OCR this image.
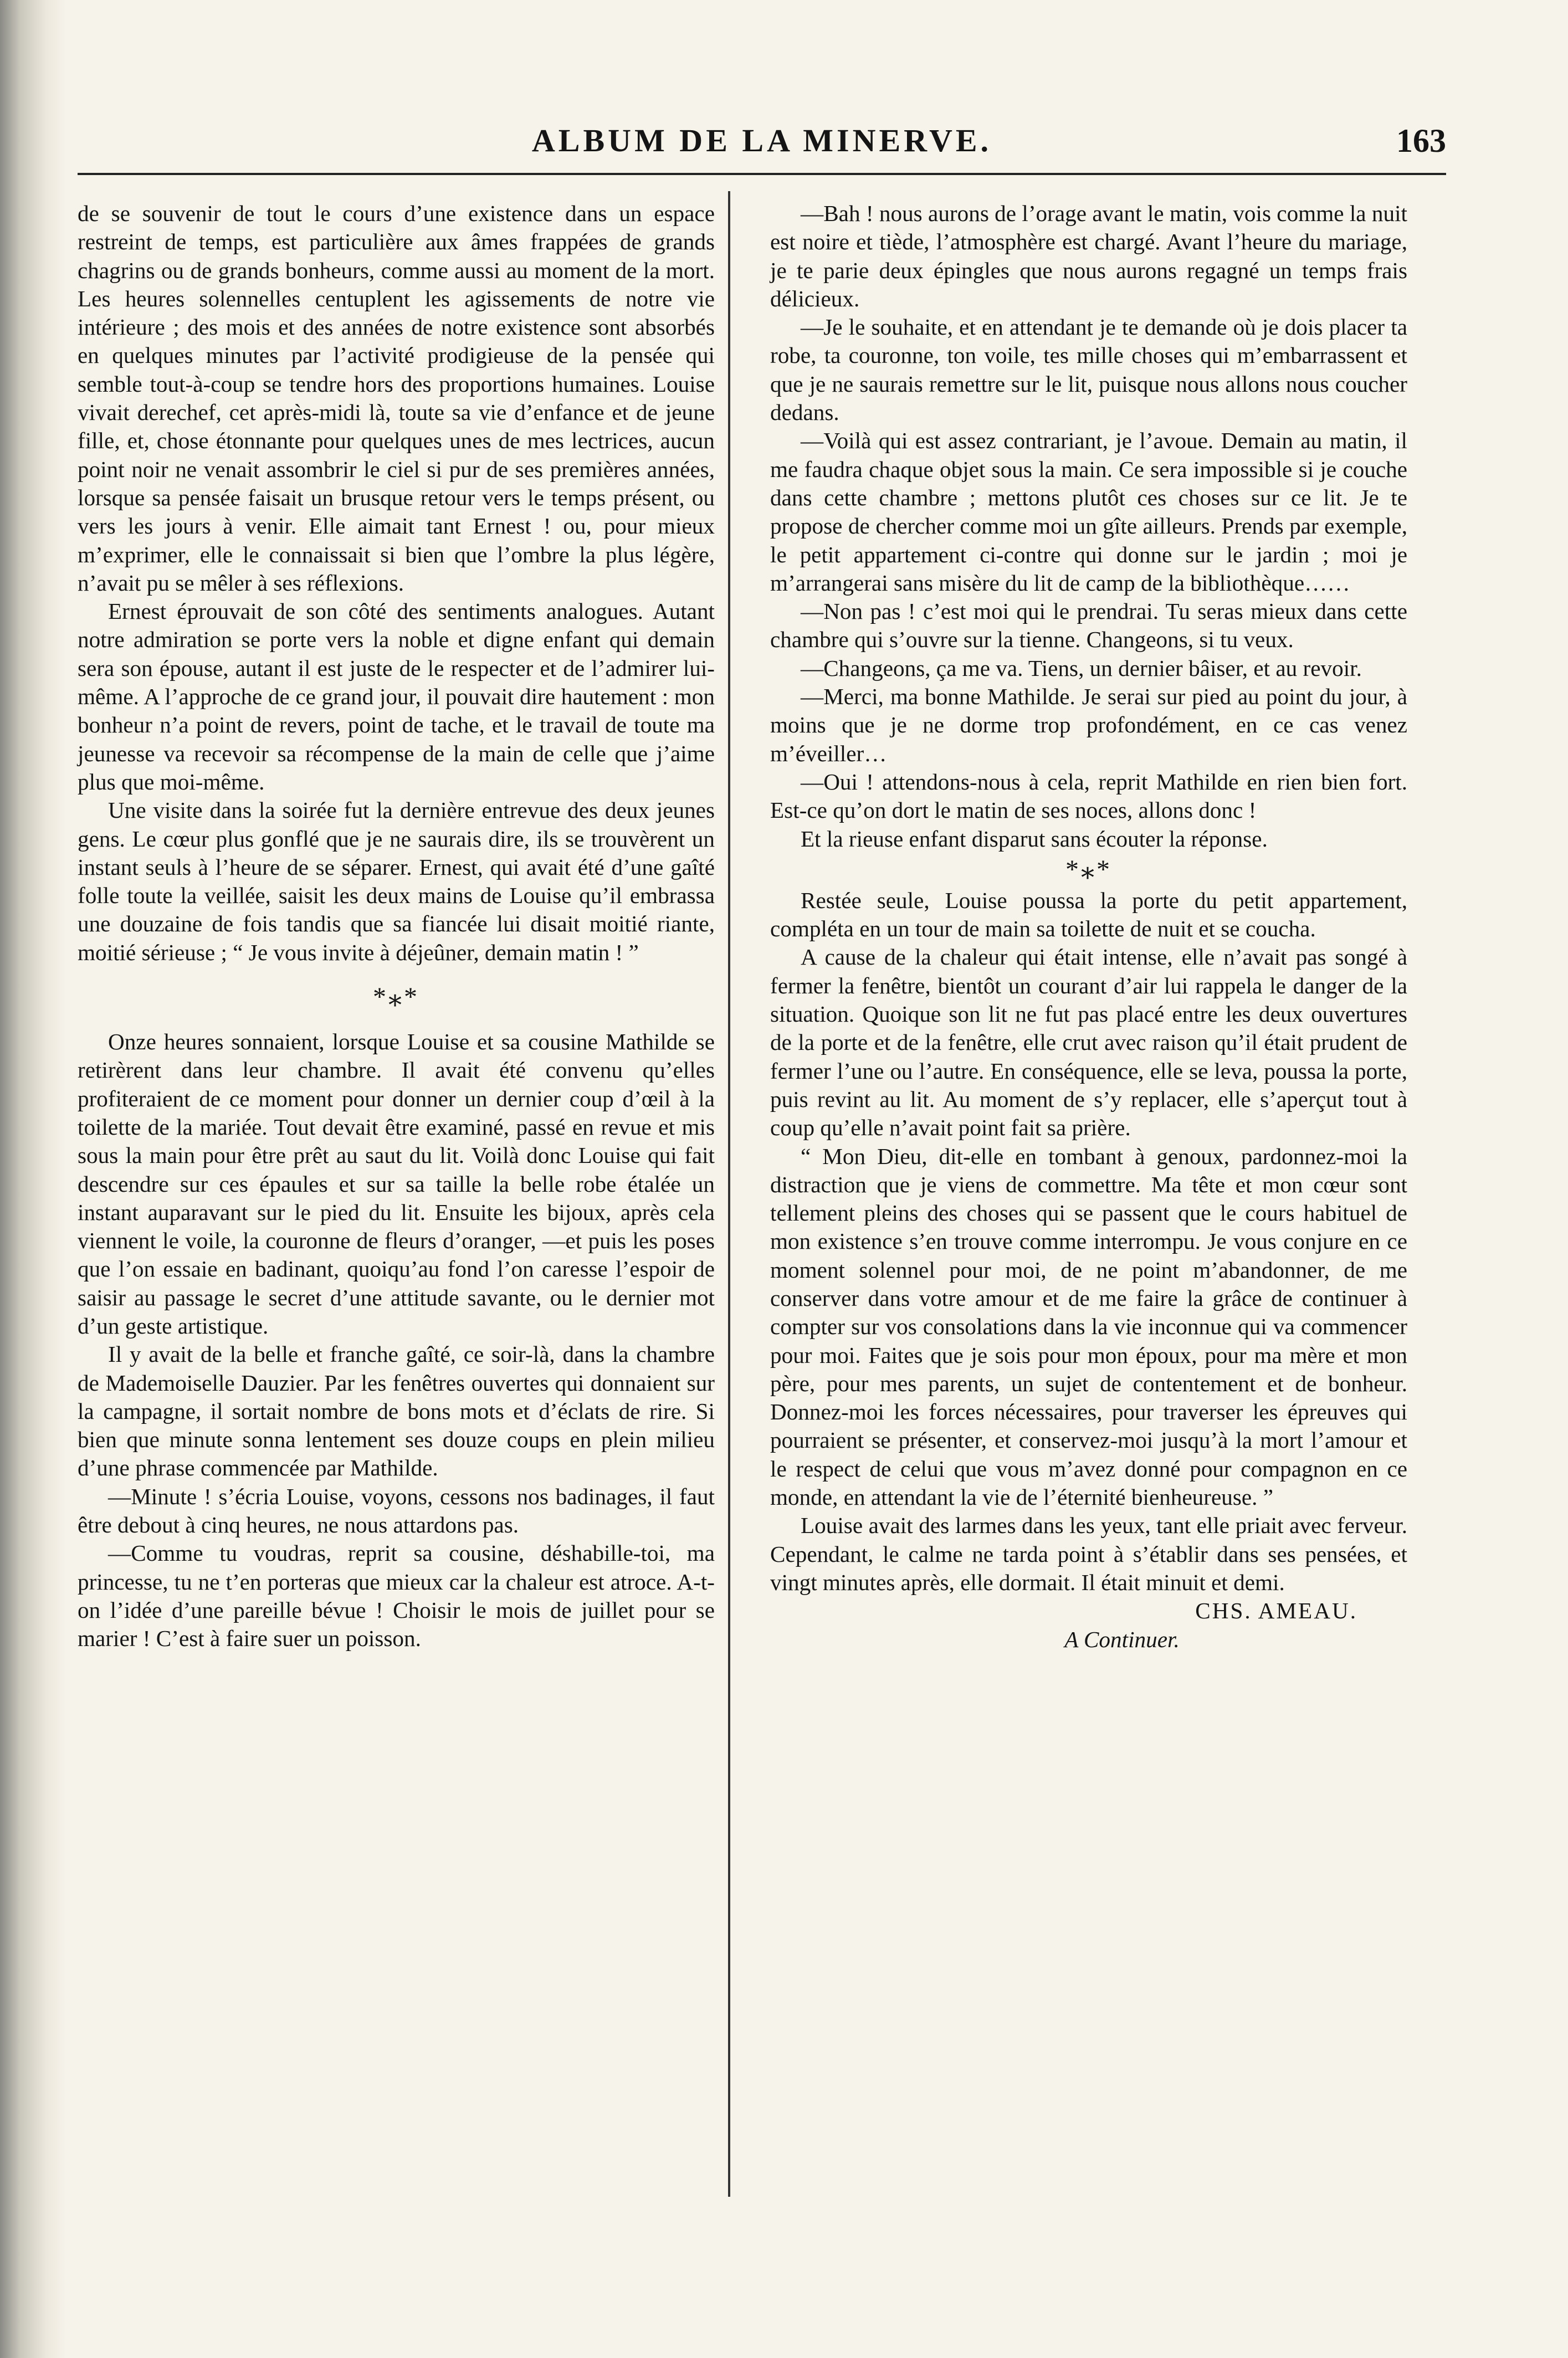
ALBUM DE LA MINERVE.	163

de se souvenir de tout le cours d’une existence dans un espace restreint de temps, est particulière aux âmes frappées de grands chagrins ou de grands bonheurs, comme aussi au moment de la mort. Les heures solennelles centuplent les agissements de notre vie intérieure ; des mois et des années de notre existence sont absorbés en quelques minutes par l’activité prodigieuse de la pensée qui semble tout-à-coup se tendre hors des proportions humaines. Louise vivait derechef, cet après-midi là, toute sa vie d’enfance et de jeune fille, et, chose étonnante pour quelques unes de mes lectrices, aucun point noir ne venait assombrir le ciel si pur de ses premières années, lorsque sa pensée faisait un brusque retour vers le temps présent, ou vers les jours à venir. Elle aimait tant Ernest ! ou, pour mieux m’exprimer, elle le connaissait si bien que l’ombre la plus légère, n’avait pu se mêler à ses réflexions.

Ernest éprouvait de son côté des sentiments analogues. Autant notre admiration se porte vers la noble et digne enfant qui demain sera son épouse, autant il est juste de le respecter et de l’admirer lui-même. A l’approche de ce grand jour, il pouvait dire hautement : mon bonheur n’a point de revers, point de tache, et le travail de toute ma jeunesse va recevoir sa récompense de la main de celle que j’aime plus que moi-même.

Une visite dans la soirée fut la dernière entrevue des deux jeunes gens. Le cœur plus gonflé que je ne saurais dire, ils se trouvèrent un instant seuls à l’heure de se séparer. Ernest, qui avait été d’une gaîté folle toute la veillée, saisit les deux mains de Louise qu’il embrassa une douzaine de fois tandis que sa fiancée lui disait moitié riante, moitié sérieuse ; “ Je vous invite à déjeûner, demain matin ! ”

*⁎*

Onze heures sonnaient, lorsque Louise et sa cousine Mathilde se retirèrent dans leur chambre. Il avait été convenu qu’elles profiteraient de ce moment pour donner un dernier coup d’œil à la toilette de la mariée. Tout devait être examiné, passé en revue et mis sous la main pour être prêt au saut du lit. Voilà donc Louise qui fait descendre sur ces épaules et sur sa taille la belle robe étalée un instant auparavant sur le pied du lit. Ensuite les bijoux, après cela viennent le voile, la couronne de fleurs d’oranger, —et puis les poses que l’on essaie en badinant, quoiqu’au fond l’on caresse l’espoir de saisir au passage le secret d’une attitude savante, ou le dernier mot d’un geste artistique.

Il y avait de la belle et franche gaîté, ce soir-là, dans la chambre de Mademoiselle Dauzier. Par les fenêtres ouvertes qui donnaient sur la campagne, il sortait nombre de bons mots et d’éclats de rire. Si bien que minute sonna lentement ses douze coups en plein milieu d’une phrase commencée par Mathilde.

—Minute ! s’écria Louise, voyons, cessons nos badinages, il faut être debout à cinq heures, ne nous attardons pas.

—Comme tu voudras, reprit sa cousine, déshabille-toi, ma princesse, tu ne t’en porteras que mieux car la chaleur est atroce. A-t-on l’idée d’une pareille bévue ! Choisir le mois de juillet pour se marier ! C’est à faire suer un poisson.

—Bah ! nous aurons de l’orage avant le matin, vois comme la nuit est noire et tiède, l’atmosphère est chargé. Avant l’heure du mariage, je te parie deux épingles que nous aurons regagné un temps frais délicieux.

—Je le souhaite, et en attendant je te demande où je dois placer ta robe, ta couronne, ton voile, tes mille choses qui m’embarrassent et que je ne saurais remettre sur le lit, puisque nous allons nous coucher dedans.

—Voilà qui est assez contrariant, je l’avoue. Demain au matin, il me faudra chaque objet sous la main. Ce sera impossible si je couche dans cette chambre ; mettons plutôt ces choses sur ce lit. Je te propose de chercher comme moi un gîte ailleurs. Prends par exemple, le petit appartement ci-contre qui donne sur le jardin ; moi je m’arrangerai sans misère du lit de camp de la bibliothèque……

—Non pas ! c’est moi qui le prendrai. Tu seras mieux dans cette chambre qui s’ouvre sur la tienne. Changeons, si tu veux.

—Changeons, ça me va. Tiens, un dernier bâiser, et au revoir.

—Merci, ma bonne Mathilde. Je serai sur pied au point du jour, à moins que je ne dorme trop profondément, en ce cas venez m’éveiller…

—Oui ! attendons-nous à cela, reprit Mathilde en rien bien fort. Est-ce qu’on dort le matin de ses noces, allons donc !

Et la rieuse enfant disparut sans écouter la réponse.

*⁎*

Restée seule, Louise poussa la porte du petit appartement, compléta en un tour de main sa toilette de nuit et se coucha.

A cause de la chaleur qui était intense, elle n’avait pas songé à fermer la fenêtre, bientôt un courant d’air lui rappela le danger de la situation. Quoique son lit ne fut pas placé entre les deux ouvertures de la porte et de la fenêtre, elle crut avec raison qu’il était prudent de fermer l’une ou l’autre. En conséquence, elle se leva, poussa la porte, puis revint au lit. Au moment de s’y replacer, elle s’aperçut tout à coup qu’elle n’avait point fait sa prière.

“ Mon Dieu, dit-elle en tombant à genoux, pardonnez-moi la distraction que je viens de commettre. Ma tête et mon cœur sont tellement pleins des choses qui se passent que le cours habituel de mon existence s’en trouve comme interrompu. Je vous conjure en ce moment solennel pour moi, de ne point m’abandonner, de me conserver dans votre amour et de me faire la grâce de continuer à compter sur vos consolations dans la vie inconnue qui va commencer pour moi. Faites que je sois pour mon époux, pour ma mère et mon père, pour mes parents, un sujet de contentement et de bonheur. Donnez-moi les forces nécessaires, pour traverser les épreuves qui pourraient se présenter, et conservez-moi jusqu’à la mort l’amour et le respect de celui que vous m’avez donné pour compagnon en ce monde, en attendant la vie de l’éternité bienheureuse. ”

Louise avait des larmes dans les yeux, tant elle priait avec ferveur. Cependant, le calme ne tarda point à s’établir dans ses pensées, et vingt minutes après, elle dormait. Il était minuit et demi.

CHS. AMEAU.

A Continuer.
